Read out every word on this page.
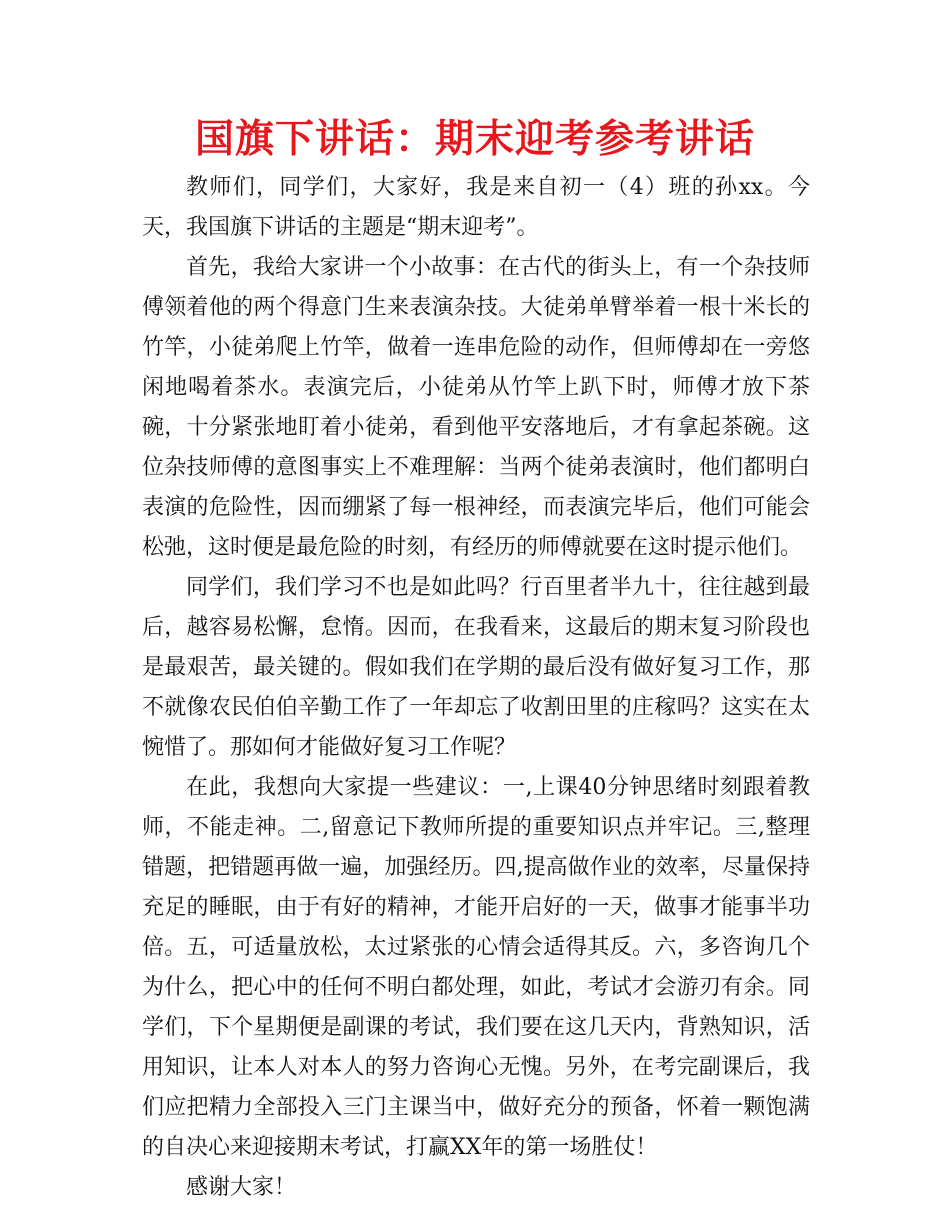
国旗下讲话：期末迎考参考讲话

教师们，同学们，大家好，我是来自初一（4）班的孙xx。今天，我国旗下讲话的主题是“期末迎考”。

首先，我给大家讲一个小故事：在古代的街头上，有一个杂技师傅领着他的两个得意门生来表演杂技。大徒弟单臂举着一根十米长的竹竿，小徒弟爬上竹竿，做着一连串危险的动作，但师傅却在一旁悠闲地喝着茶水。表演完后，小徒弟从竹竿上趴下时，师傅才放下茶碗，十分紧张地盯着小徒弟，看到他平安落地后，才有拿起茶碗。这位杂技师傅的意图事实上不难理解：当两个徒弟表演时，他们都明白表演的危险性，因而绷紧了每一根神经，而表演完毕后，他们可能会松弛，这时便是最危险的时刻，有经历的师傅就要在这时提示他们。

同学们，我们学习不也是如此吗？行百里者半九十，往往越到最后，越容易松懈，怠惰。因而，在我看来，这最后的期末复习阶段也是最艰苦，最关键的。假如我们在学期的最后没有做好复习工作，那不就像农民伯伯辛勤工作了一年却忘了收割田里的庄稼吗？这实在太惋惜了。那如何才能做好复习工作呢？

在此，我想向大家提一些建议：一,上课40分钟思绪时刻跟着教师，不能走神。二,留意记下教师所提的重要知识点并牢记。三,整理错题，把错题再做一遍，加强经历。四,提高做作业的效率，尽量保持充足的睡眠，由于有好的精神，才能开启好的一天，做事才能事半功倍。五，可适量放松，太过紧张的心情会适得其反。六，多咨询几个为什么，把心中的任何不明白都处理，如此，考试才会游刃有余。同学们，下个星期便是副课的考试，我们要在这几天内，背熟知识，活用知识，让本人对本人的努力咨询心无愧。另外，在考完副课后，我们应把精力全部投入三门主课当中，做好充分的预备，怀着一颗饱满的自决心来迎接期末考试，打赢XX年的第一场胜仗！

感谢大家！
